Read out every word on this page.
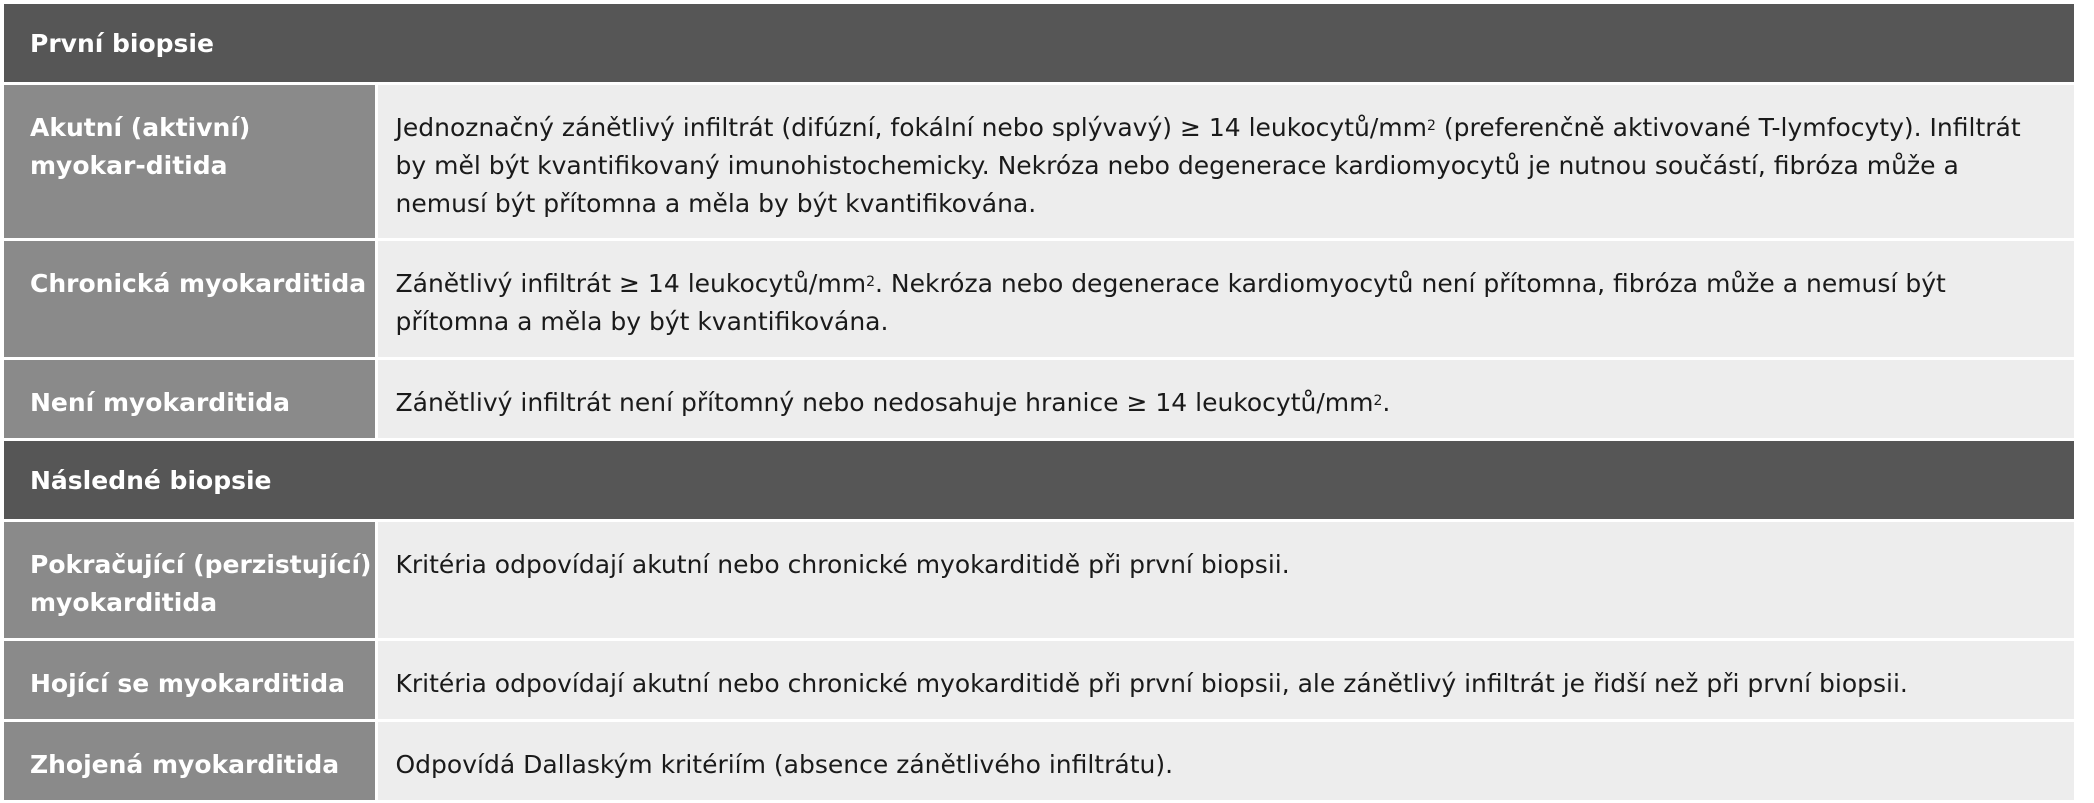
První biopsie	
Akutní (aktivní) myokar-ditida	Jednoznačný zánětlivý infiltrát (difúzní, fokální nebo splývavý) ≥ 14 leukocytů/$mm^2$ (preferenčně aktivované T-lymfocyty). Infiltrát by měl být kvantifikovaný imunohistochemicky. Nekróza nebo degenerace kardiomyocytů je nutnou součástí, fibróza může a nemusí být přítomna a měla by být kvantifikována.
Chronická myokarditida	Zánětlivý infiltrát ≥ 14 leukocytů/$mm^2$. Nekróza nebo degenerace kardiomyocytů není přítomna, fibróza může a nemusí být přítomna a měla by být kvantifikována.
Není myokarditida	Zánětlivý infiltrát není přítomný nebo nedosahuje hranice ≥ 14 leukocytů/$mm^2$.
Následné biopsie	
Pokračující (perzistující) myokarditida	Kritéria odpovídají akutní nebo chronické myokarditidě při první biopsii.
Hojící se myokarditida	Kritéria odpovídají akutní nebo chronické myokarditidě při první biopsii, ale zánětlivý infiltrát je řidší než při první biopsii.
Zhojená myokarditida	Odpovídá Dallaským kritériím (absence zánětlivého infiltrátu).
